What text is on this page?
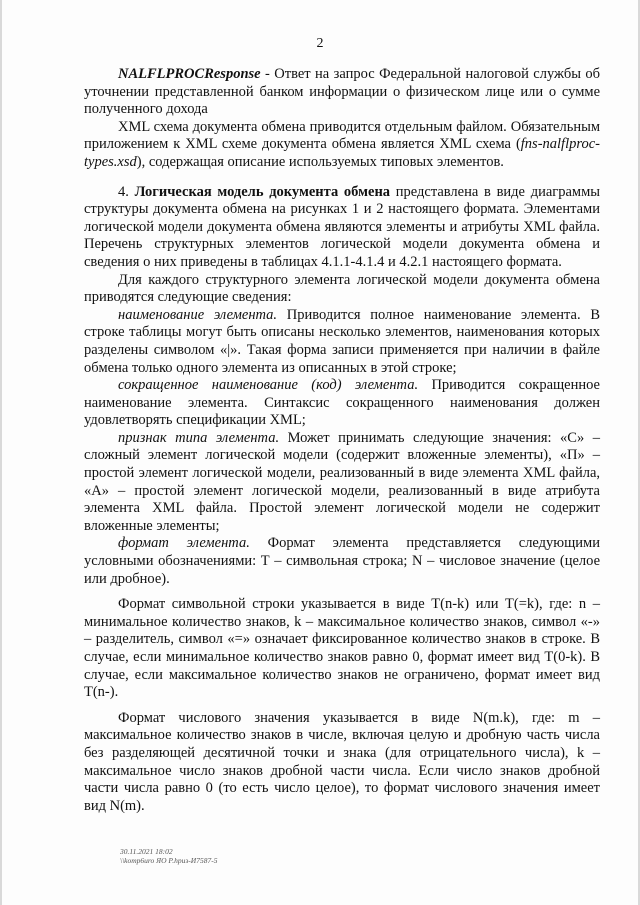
2

NALFLPROCResponse - Ответ на запрос Федеральной налоговой службы об уточнении представленной банком информации о физическом лице или о сумме полученного дохода

XML схема документа обмена приводится отдельным файлом. Обязательным приложением к XML схеме документа обмена является XML схема (fns-nalflproc-types.xsd), содержащая описание используемых типовых элементов.

4. Логическая модель документа обмена представлена в виде диаграммы структуры документа обмена на рисунках 1 и 2 настоящего формата. Элементами логической модели документа обмена являются элементы и атрибуты XML файла. Перечень структурных элементов логической модели документа обмена и сведения о них приведены в таблицах 4.1.1-4.1.4 и 4.2.1 настоящего формата.

Для каждого структурного элемента логической модели документа обмена приводятся следующие сведения:

наименование элемента. Приводится полное наименование элемента. В строке таблицы могут быть описаны несколько элементов, наименования которых разделены символом «|». Такая форма записи применяется при наличии в файле обмена только одного элемента из описанных в этой строке;

сокращенное наименование (код) элемента. Приводится сокращенное наименование элемента. Синтаксис сокращенного наименования должен удовлетворять спецификации XML;

признак типа элемента. Может принимать следующие значения: «С» – сложный элемент логической модели (содержит вложенные элементы), «П» – простой элемент логической модели, реализованный в виде элемента XML файла, «А» – простой элемент логической модели, реализованный в виде атрибута элемента XML файла. Простой элемент логической модели не содержит вложенные элементы;

формат элемента. Формат элемента представляется следующими условными обозначениями: Т – символьная строка; N – числовое значение (целое или дробное).

Формат символьной строки указывается в виде Т(n-k) или Т(=k), где: n – минимальное количество знаков, k – максимальное количество знаков, символ «-» – разделитель, символ «=» означает фиксированное количество знаков в строке. В случае, если минимальное количество знаков равно 0, формат имеет вид Т(0-k). В случае, если максимальное количество знаков не ограничено, формат имеет вид Т(n-).

Формат числового значения указывается в виде N(m.k), где: m – максимальное количество знаков в числе, включая целую и дробную часть числа без разделяющей десятичной точки и знака (для отрицательного числа), k – максимальное число знаков дробной части числа. Если число знаков дробной части числа равно 0 (то есть число целое), то формат числового значения имеет вид N(m).

30.11.2021 18:02
\\komp6uro ЯО Р.hpuз-И7587-5
